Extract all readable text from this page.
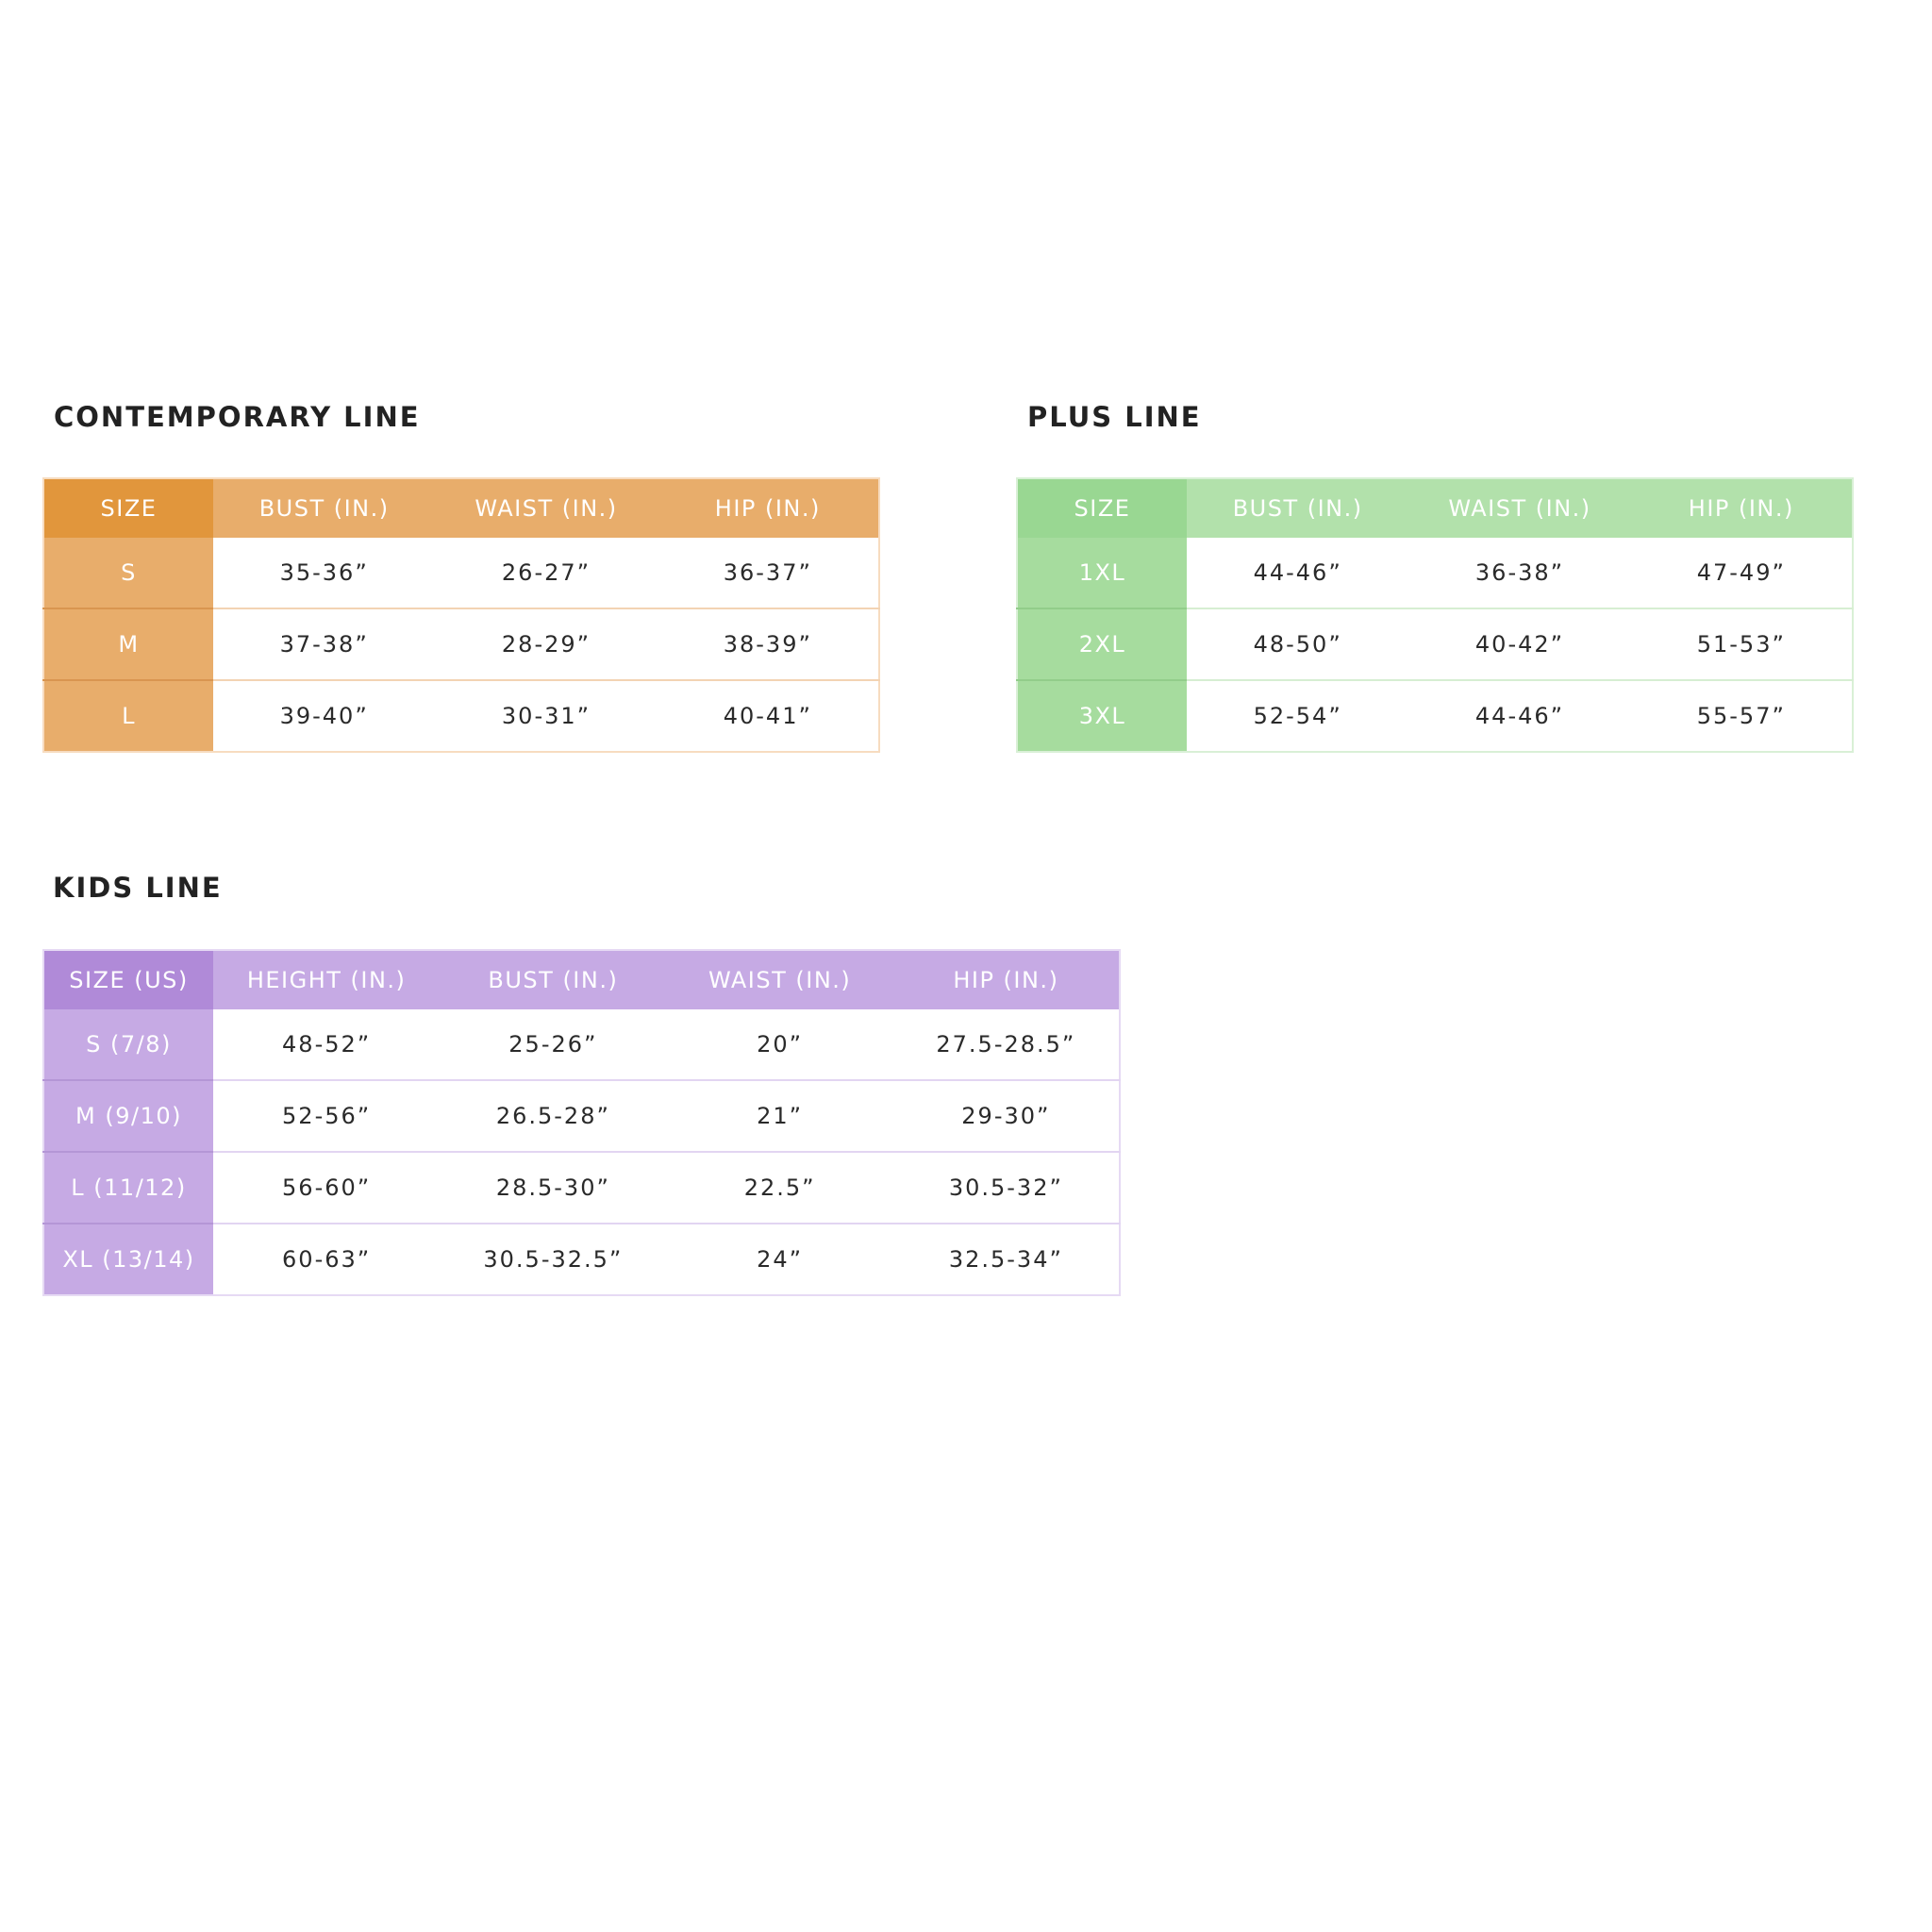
CONTEMPORARY LINE
SIZE	BUST (IN.)	WAIST (IN.)	HIP (IN.)
S	35-36”	26-27”	36-37”
M	37-38”	28-29”	38-39”
L	39-40”	30-31”	40-41”
PLUS LINE
SIZE	BUST (IN.)	WAIST (IN.)	HIP (IN.)
1XL	44-46”	36-38”	47-49”
2XL	48-50”	40-42”	51-53”
3XL	52-54”	44-46”	55-57”
KIDS LINE
SIZE (US)	HEIGHT (IN.)	BUST (IN.)	WAIST (IN.)	HIP (IN.)
S (7/8)	48-52”	25-26”	20”	27.5-28.5”
M (9/10)	52-56”	26.5-28”	21”	29-30”
L (11/12)	56-60”	28.5-30”	22.5”	30.5-32”
XL (13/14)	60-63”	30.5-32.5”	24”	32.5-34”
